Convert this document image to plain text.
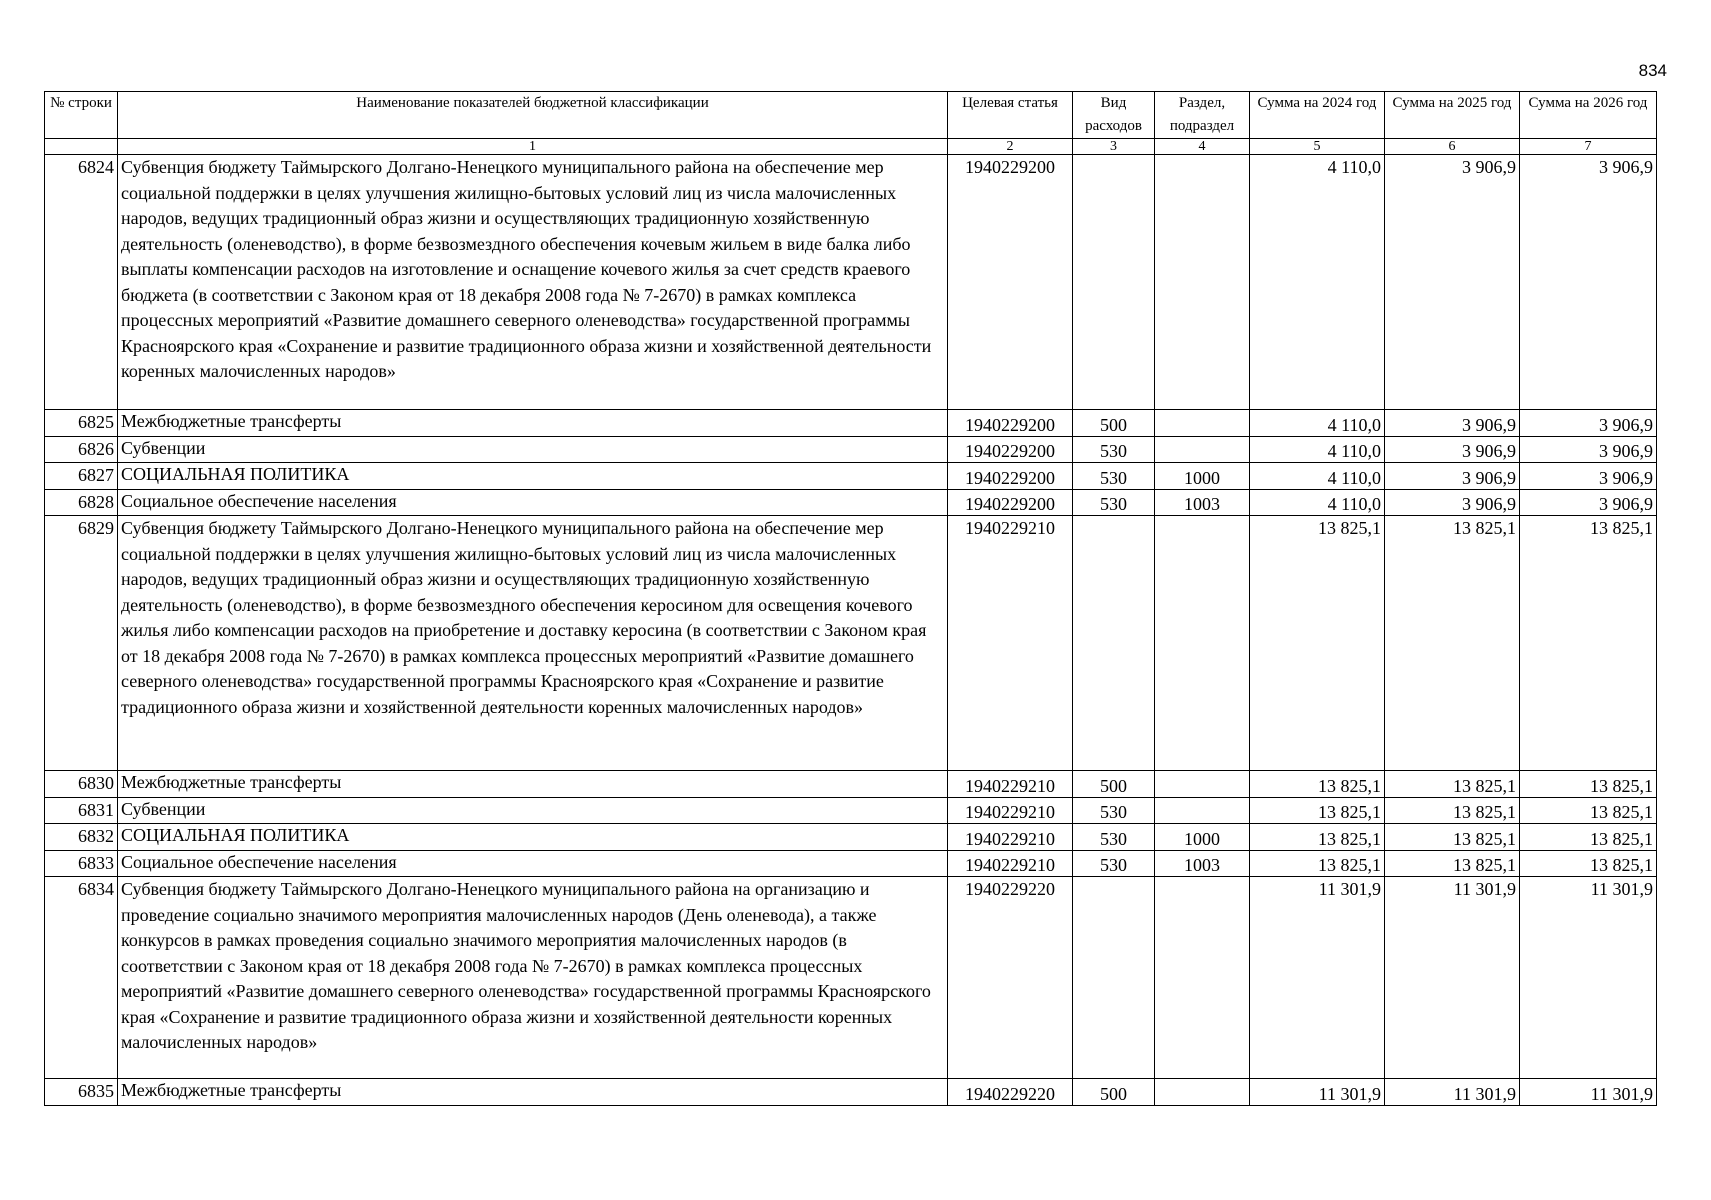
834
№ строки	Наименование показателей бюджетной классификации	Целевая статья	Вид расходов	Раздел, подраздел	Сумма на 2024 год	Сумма на 2025 год	Сумма на 2026 год
	1	2	3	4	5	6	7
6824	Субвенция бюджету Таймырского Долгано-Ненецкого муниципального района на обеспечение мер социальной поддержки в целях улучшения жилищно-бытовых условий лиц из числа малочисленных народов, ведущих традиционный образ жизни и осуществляющих традиционную хозяйственную деятельность (оленеводство), в форме безвозмездного обеспечения кочевым жильем в виде балка либо выплаты компенсации расходов на изготовление и оснащение кочевого жилья за счет средств краевого бюджета (в соответствии с Законом края от 18 декабря 2008 года № 7-2670) в рамках комплекса процессных мероприятий «Развитие домашнего северного оленеводства» государственной программы Красноярского края «Сохранение и развитие традиционного образа жизни и хозяйственной деятельности коренных малочисленных народов»	1940229200			4 110,0	3 906,9	3 906,9
6825	Межбюджетные трансферты	1940229200	500		4 110,0	3 906,9	3 906,9
6826	Субвенции	1940229200	530		4 110,0	3 906,9	3 906,9
6827	СОЦИАЛЬНАЯ ПОЛИТИКА	1940229200	530	1000	4 110,0	3 906,9	3 906,9
6828	Социальное обеспечение населения	1940229200	530	1003	4 110,0	3 906,9	3 906,9
6829	Субвенция бюджету Таймырского Долгано-Ненецкого муниципального района на обеспечение мер социальной поддержки в целях улучшения жилищно-бытовых условий лиц из числа малочисленных народов, ведущих традиционный образ жизни и осуществляющих традиционную хозяйственную деятельность (оленеводство), в форме безвозмездного обеспечения керосином для освещения кочевого жилья либо компенсации расходов на приобретение и доставку керосина (в соответствии с Законом края от 18 декабря 2008 года № 7-2670) в рамках комплекса процессных мероприятий «Развитие домашнего северного оленеводства» государственной программы Красноярского края «Сохранение и развитие традиционного образа жизни и хозяйственной деятельности коренных малочисленных народов»	1940229210			13 825,1	13 825,1	13 825,1
6830	Межбюджетные трансферты	1940229210	500		13 825,1	13 825,1	13 825,1
6831	Субвенции	1940229210	530		13 825,1	13 825,1	13 825,1
6832	СОЦИАЛЬНАЯ ПОЛИТИКА	1940229210	530	1000	13 825,1	13 825,1	13 825,1
6833	Социальное обеспечение населения	1940229210	530	1003	13 825,1	13 825,1	13 825,1
6834	Субвенция бюджету Таймырского Долгано-Ненецкого муниципального района на организацию и проведение социально значимого мероприятия малочисленных народов (День оленевода), а также конкурсов в рамках проведения социально значимого мероприятия малочисленных народов (в соответствии с Законом края от 18 декабря 2008 года № 7-2670) в рамках комплекса процессных мероприятий «Развитие домашнего северного оленеводства» государственной программы Красноярского края «Сохранение и развитие традиционного образа жизни и хозяйственной деятельности коренных малочисленных народов»	1940229220			11 301,9	11 301,9	11 301,9
6835	Межбюджетные трансферты	1940229220	500		11 301,9	11 301,9	11 301,9
